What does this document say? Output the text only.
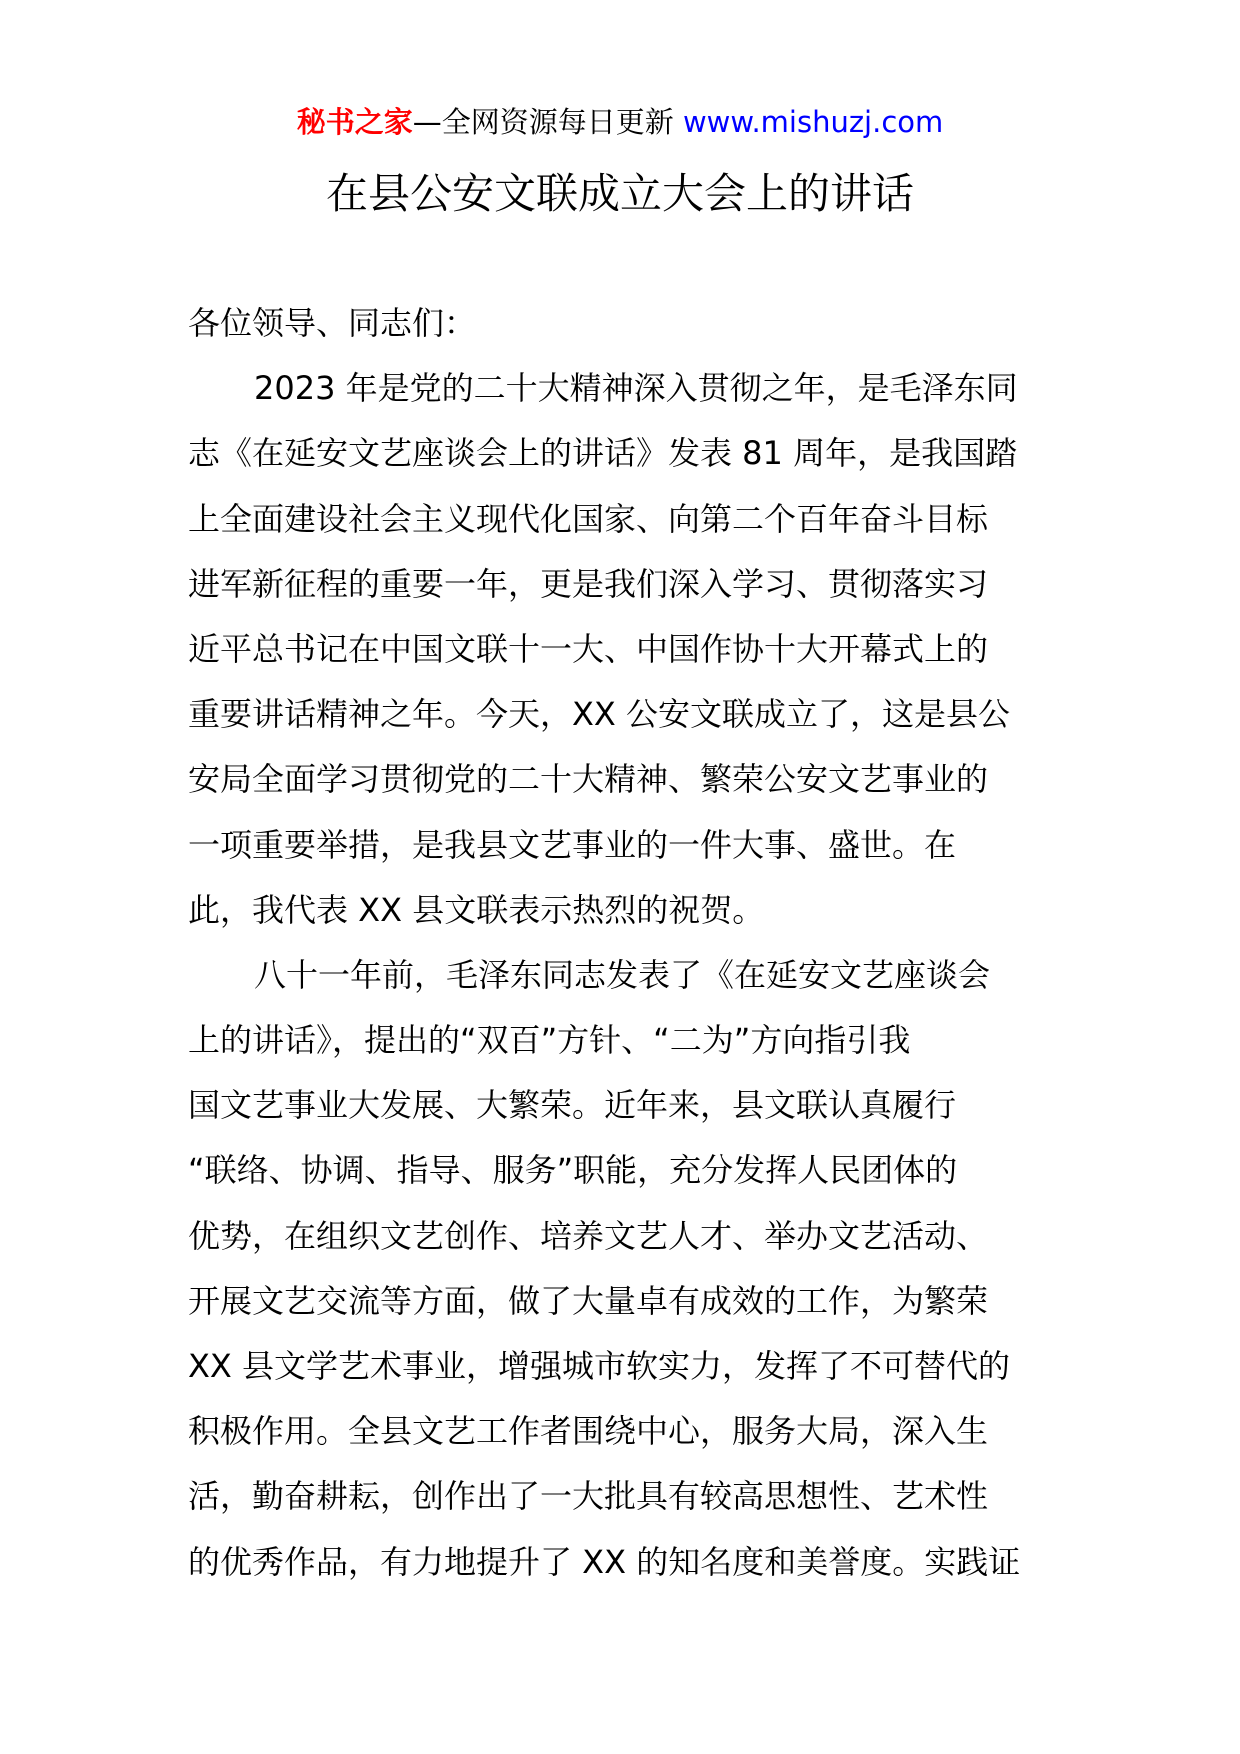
秘书之家—全网资源每日更新 www.mishuzj.com
在县公安文联成立大会上的讲话
各位领导、同志们：
2023 年是党的二十大精神深入贯彻之年，是毛泽东同
志《在延安文艺座谈会上的讲话》发表 81 周年，是我国踏
上全面建设社会主义现代化国家、向第二个百年奋斗目标
进军新征程的重要一年，更是我们深入学习、贯彻落实习
近平总书记在中国文联十一大、中国作协十大开幕式上的
重要讲话精神之年。今天，XX 公安文联成立了，这是县公
安局全面学习贯彻党的二十大精神、繁荣公安文艺事业的
一项重要举措，是我县文艺事业的一件大事、盛世。在
此，我代表 XX 县文联表示热烈的祝贺。
八十一年前，毛泽东同志发表了《在延安文艺座谈会
上的讲话》，提出的“双百”方针、“二为”方向指引我
国文艺事业大发展、大繁荣。近年来，县文联认真履行
“联络、协调、指导、服务”职能，充分发挥人民团体的
优势，在组织文艺创作、培养文艺人才、举办文艺活动、
开展文艺交流等方面，做了大量卓有成效的工作，为繁荣
XX 县文学艺术事业，增强城市软实力，发挥了不可替代的
积极作用。全县文艺工作者围绕中心，服务大局，深入生
活，勤奋耕耘，创作出了一大批具有较高思想性、艺术性
的优秀作品，有力地提升了 XX 的知名度和美誉度。实践证
